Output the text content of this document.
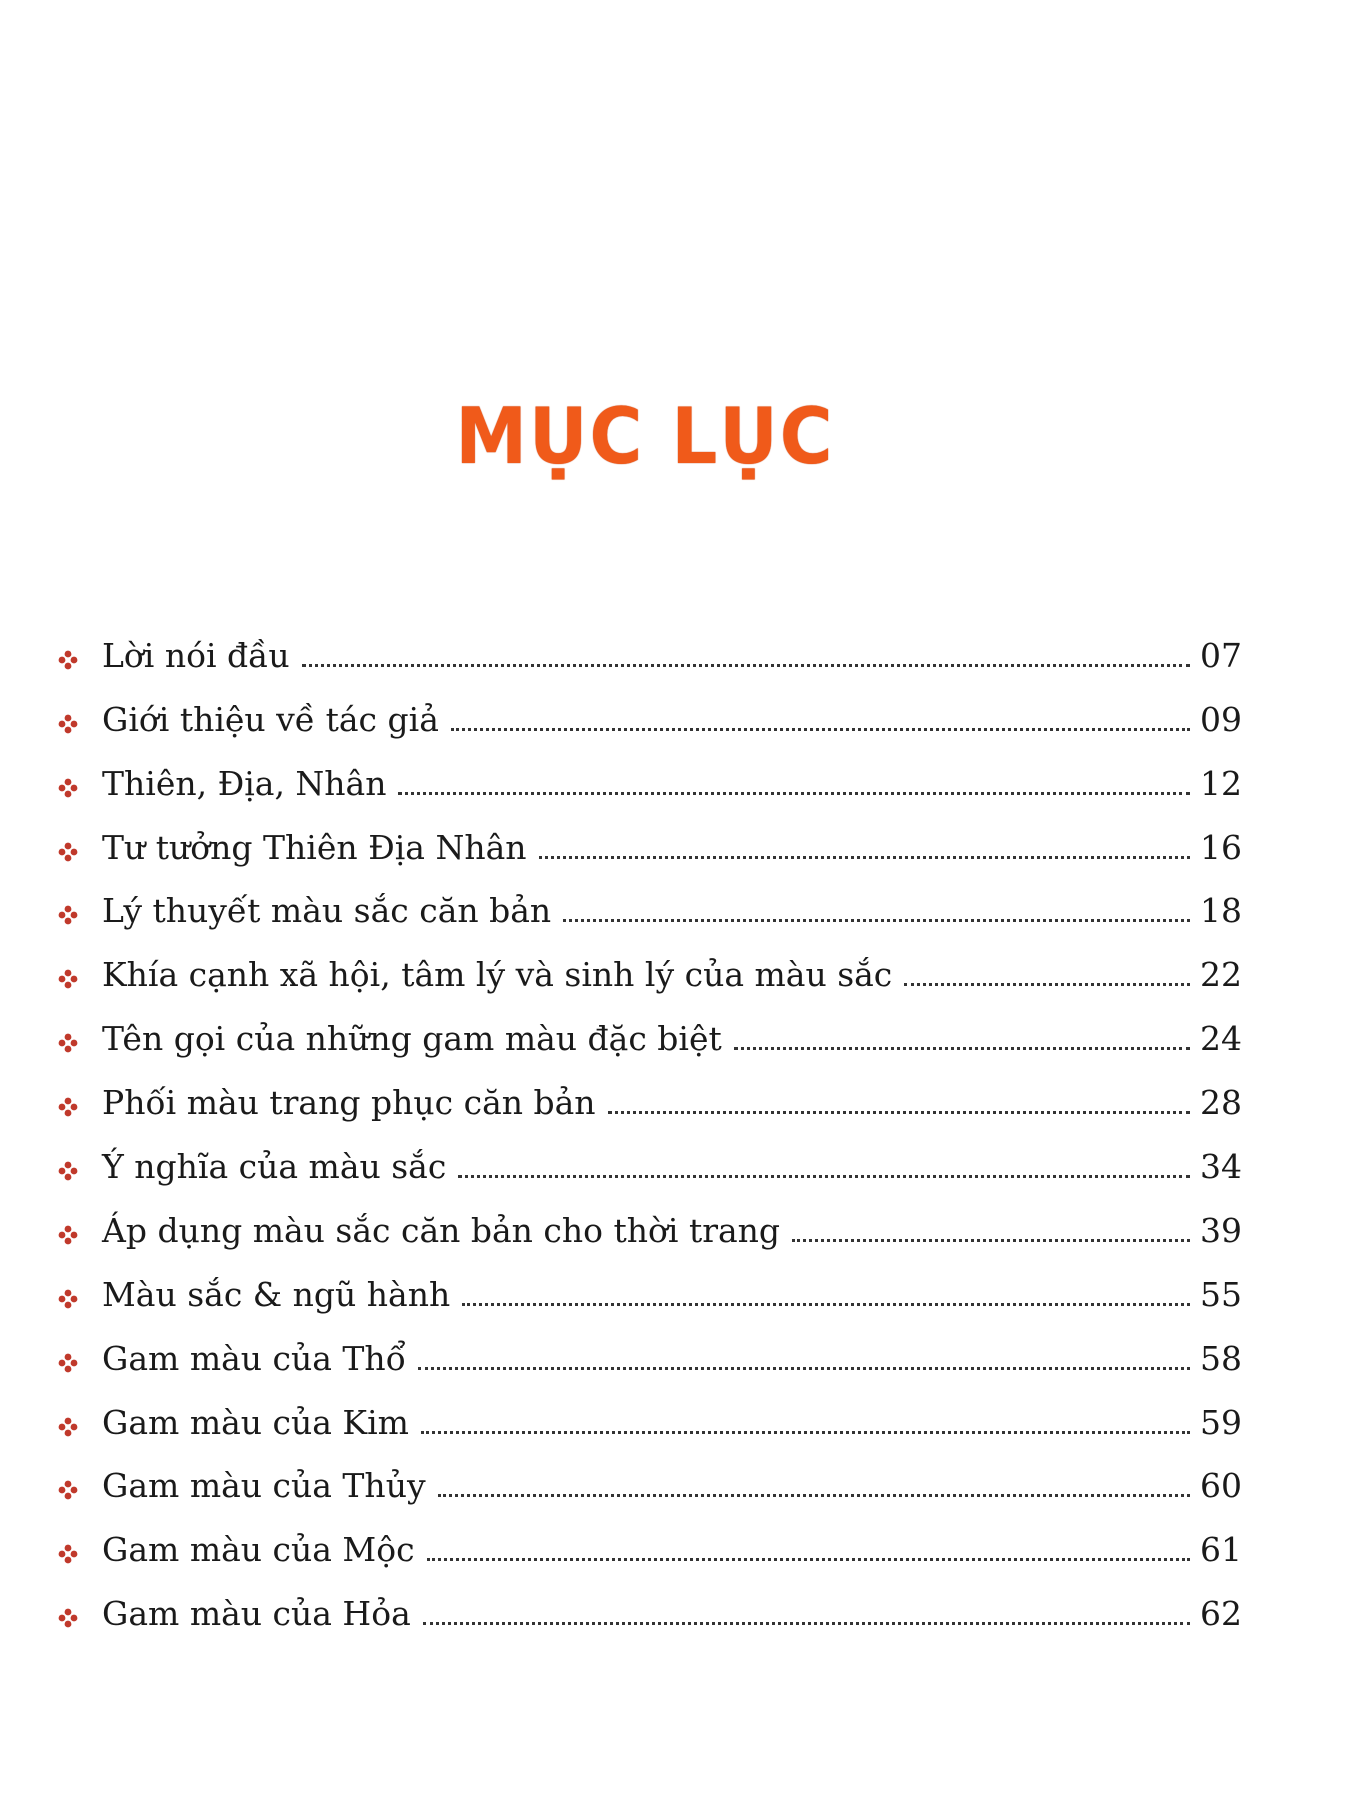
MỤC LỤC
Lời nói đầu	07
Giới thiệu về tác giả	09
Thiên, Địa, Nhân	12
Tư tưởng Thiên Địa Nhân	16
Lý thuyết màu sắc căn bản	18
Khía cạnh xã hội, tâm lý và sinh lý của màu sắc	22
Tên gọi của những gam màu đặc biệt	24
Phối màu trang phục căn bản	28
Ý nghĩa của màu sắc	34
Áp dụng màu sắc căn bản cho thời trang	39
Màu sắc & ngũ hành	55
Gam màu của Thổ	58
Gam màu của Kim	59
Gam màu của Thủy	60
Gam màu của Mộc	61
Gam màu của Hỏa	62
